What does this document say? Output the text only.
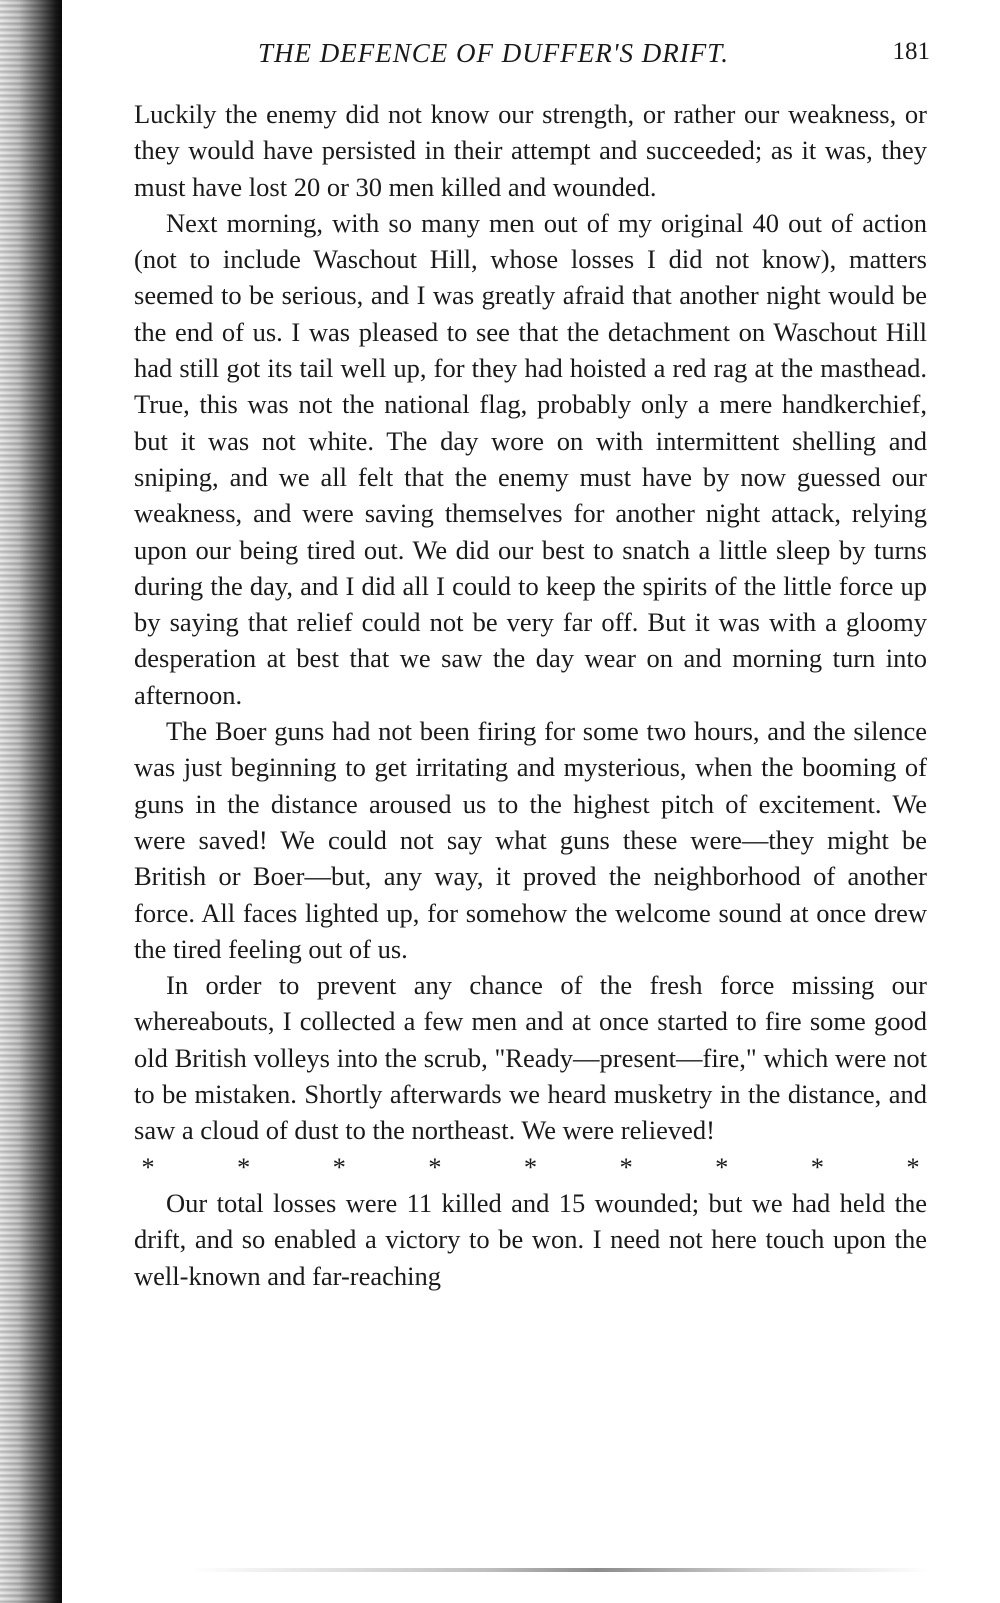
THE DEFENCE OF DUFFER'S DRIFT.	181

Luckily the enemy did not know our strength, or rather our weakness, or they would have persisted in their attempt and succeeded; as it was, they must have lost 20 or 30 men killed and wounded.

Next morning, with so many men out of my original 40 out of action (not to include Waschout Hill, whose losses I did not know), matters seemed to be serious, and I was greatly afraid that another night would be the end of us. I was pleased to see that the detachment on Waschout Hill had still got its tail well up, for they had hoisted a red rag at the masthead. True, this was not the national flag, probably only a mere handkerchief, but it was not white. The day wore on with intermittent shelling and sniping, and we all felt that the enemy must have by now guessed our weakness, and were saving themselves for another night attack, relying upon our being tired out. We did our best to snatch a little sleep by turns during the day, and I did all I could to keep the spirits of the little force up by saying that relief could not be very far off. But it was with a gloomy desperation at best that we saw the day wear on and morning turn into afternoon.

The Boer guns had not been firing for some two hours, and the silence was just beginning to get irritating and mysterious, when the booming of guns in the distance aroused us to the highest pitch of excitement. We were saved! We could not say what guns these were—they might be British or Boer—but, any way, it proved the neighborhood of another force. All faces lighted up, for somehow the welcome sound at once drew the tired feeling out of us.

In order to prevent any chance of the fresh force missing our whereabouts, I collected a few men and at once started to fire some good old British volleys into the scrub, "Ready—present—fire," which were not to be mistaken. Shortly afterwards we heard musketry in the distance, and saw a cloud of dust to the northeast. We were relieved!

*	*	*	*	*	*	*	*	*

Our total losses were 11 killed and 15 wounded; but we had held the drift, and so enabled a victory to be won. I need not here touch upon the well-known and far-reaching
